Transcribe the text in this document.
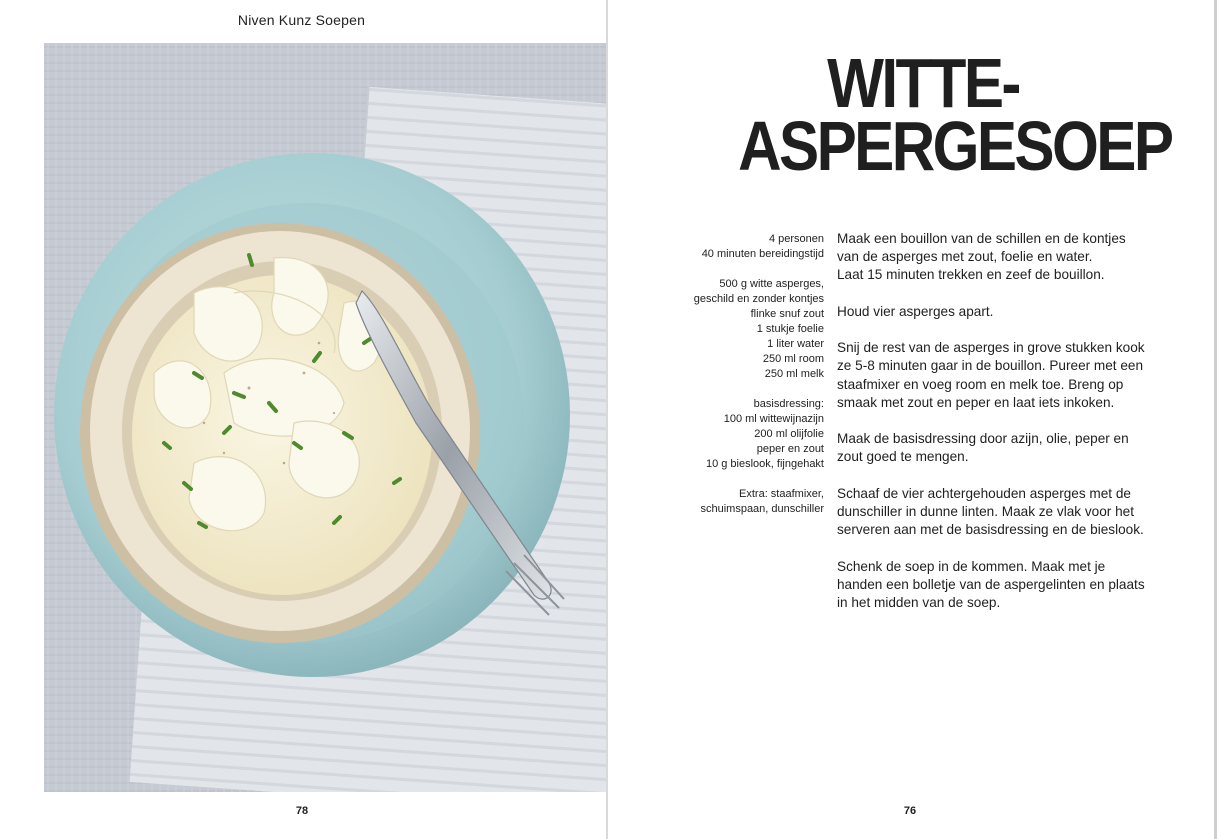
Niven Kunz Soepen
78
WITTE-
ASPERGESOEP
4 personen
40 minuten bereidingstijd
500 g witte asperges,
geschild en zonder kontjes
flinke snuf zout
1 stukje foelie
1 liter water
250 ml room
250 ml melk
basisdressing:
100 ml wittewijnazijn
200 ml olijfolie
peper en zout
10 g bieslook, fijngehakt
Extra: staafmixer,
schuimspaan, dunschiller

Maak een bouillon van de schillen en de kontjes
van de asperges met zout, foelie en water.
Laat 15 minuten trekken en zeef de bouillon.

Houd vier asperges apart.

Snij de rest van de asperges in grove stukken kook
ze 5-8 minuten gaar in de bouillon. Pureer met een
staafmixer en voeg room en melk toe. Breng op
smaak met zout en peper en laat iets inkoken.

Maak de basisdressing door azijn, olie, peper en
zout goed te mengen.

Schaaf de vier achtergehouden asperges met de
dunschiller in dunne linten. Maak ze vlak voor het
serveren aan met de basisdressing en de bieslook.

Schenk de soep in de kommen. Maak met je
handen een bolletje van de aspergelinten en plaats
in het midden van de soep.

76
